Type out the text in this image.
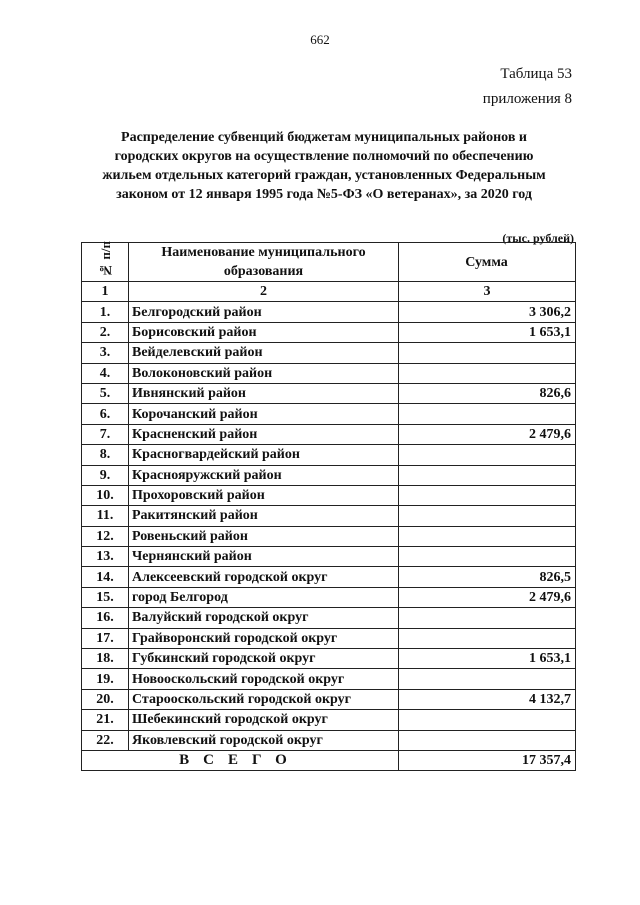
662
Таблица 53
приложения 8
Распределение субвенций бюджетам муниципальных районов и
городских округов на осуществление полномочий по обеспечению
жильем отдельных категорий граждан, установленных Федеральным
законом от 12 января 1995 года №5-ФЗ «О ветеранах», за 2020 год
(тыс. рублей)
№ п/п	Наименование муниципального образования	Сумма
1	2	3
1.	Белгородский район	3 306,2
2.	Борисовский район	1 653,1
3.	Вейделевский район	
4.	Волоконовский район	
5.	Ивнянский район	826,6
6.	Корочанский район	
7.	Красненский район	2 479,6
8.	Красногвардейский район	
9.	Краснояружский район	
10.	Прохоровский район	
11.	Ракитянский район	
12.	Ровеньский район	
13.	Чернянский район	
14.	Алексеевский городской округ	826,5
15.	город Белгород	2 479,6
16.	Валуйский городской округ	
17.	Грайворонский городской округ	
18.	Губкинский городской округ	1 653,1
19.	Новооскольский городской округ	
20.	Старооскольский городской округ	4 132,7
21.	Шебекинский городской округ	
22.	Яковлевский городской округ	
ВСЕГО		17 357,4
